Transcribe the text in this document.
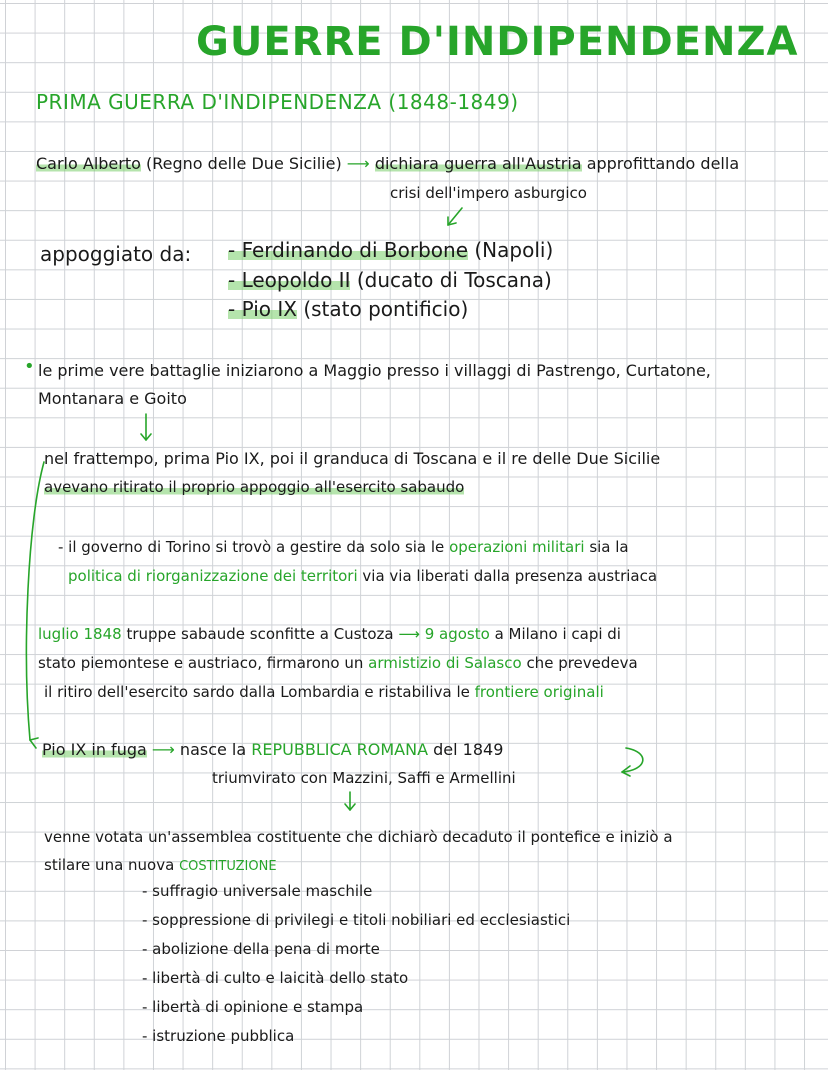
GUERRE D'INDIPENDENZA
PRIMA GUERRA D'INDIPENDENZA (1848-1849)
Carlo Alberto (Regno delle Due Sicilie) ⟶ dichiara guerra all'Austria approfittando della
crisi dell'impero asburgico
appoggiato da: - Ferdinando di Borbone (Napoli)
- Leopoldo II (ducato di Toscana)
- Pio IX (stato pontificio)
• le prime vere battaglie iniziarono a Maggio presso i villaggi di Pastrengo, Curtatone,
Montanara e Goito
nel frattempo, prima Pio IX, poi il granduca di Toscana e il re delle Due Sicilie
avevano ritirato il proprio appoggio all'esercito sabaudo
- il governo di Torino si trovò a gestire da solo sia le operazioni militari sia la
politica di riorganizzazione dei territori via via liberati dalla presenza austriaca
luglio 1848 truppe sabaude sconfitte a Custoza ⟶ 9 agosto a Milano i capi di
stato piemontese e austriaco, firmarono un armistizio di Salasco che prevedeva
il ritiro dell'esercito sardo dalla Lombardia e ristabiliva le frontiere originali
Pio IX in fuga ⟶ nasce la REPUBBLICA ROMANA del 1849
triumvirato con Mazzini, Saffi e Armellini
venne votata un'assemblea costituente che dichiarò decaduto il pontefice e iniziò a
stilare una nuova COSTITUZIONE
- suffragio universale maschile
- soppressione di privilegi e titoli nobiliari ed ecclesiastici
- abolizione della pena di morte
- libertà di culto e laicità dello stato
- libertà di opinione e stampa
- istruzione pubblica
